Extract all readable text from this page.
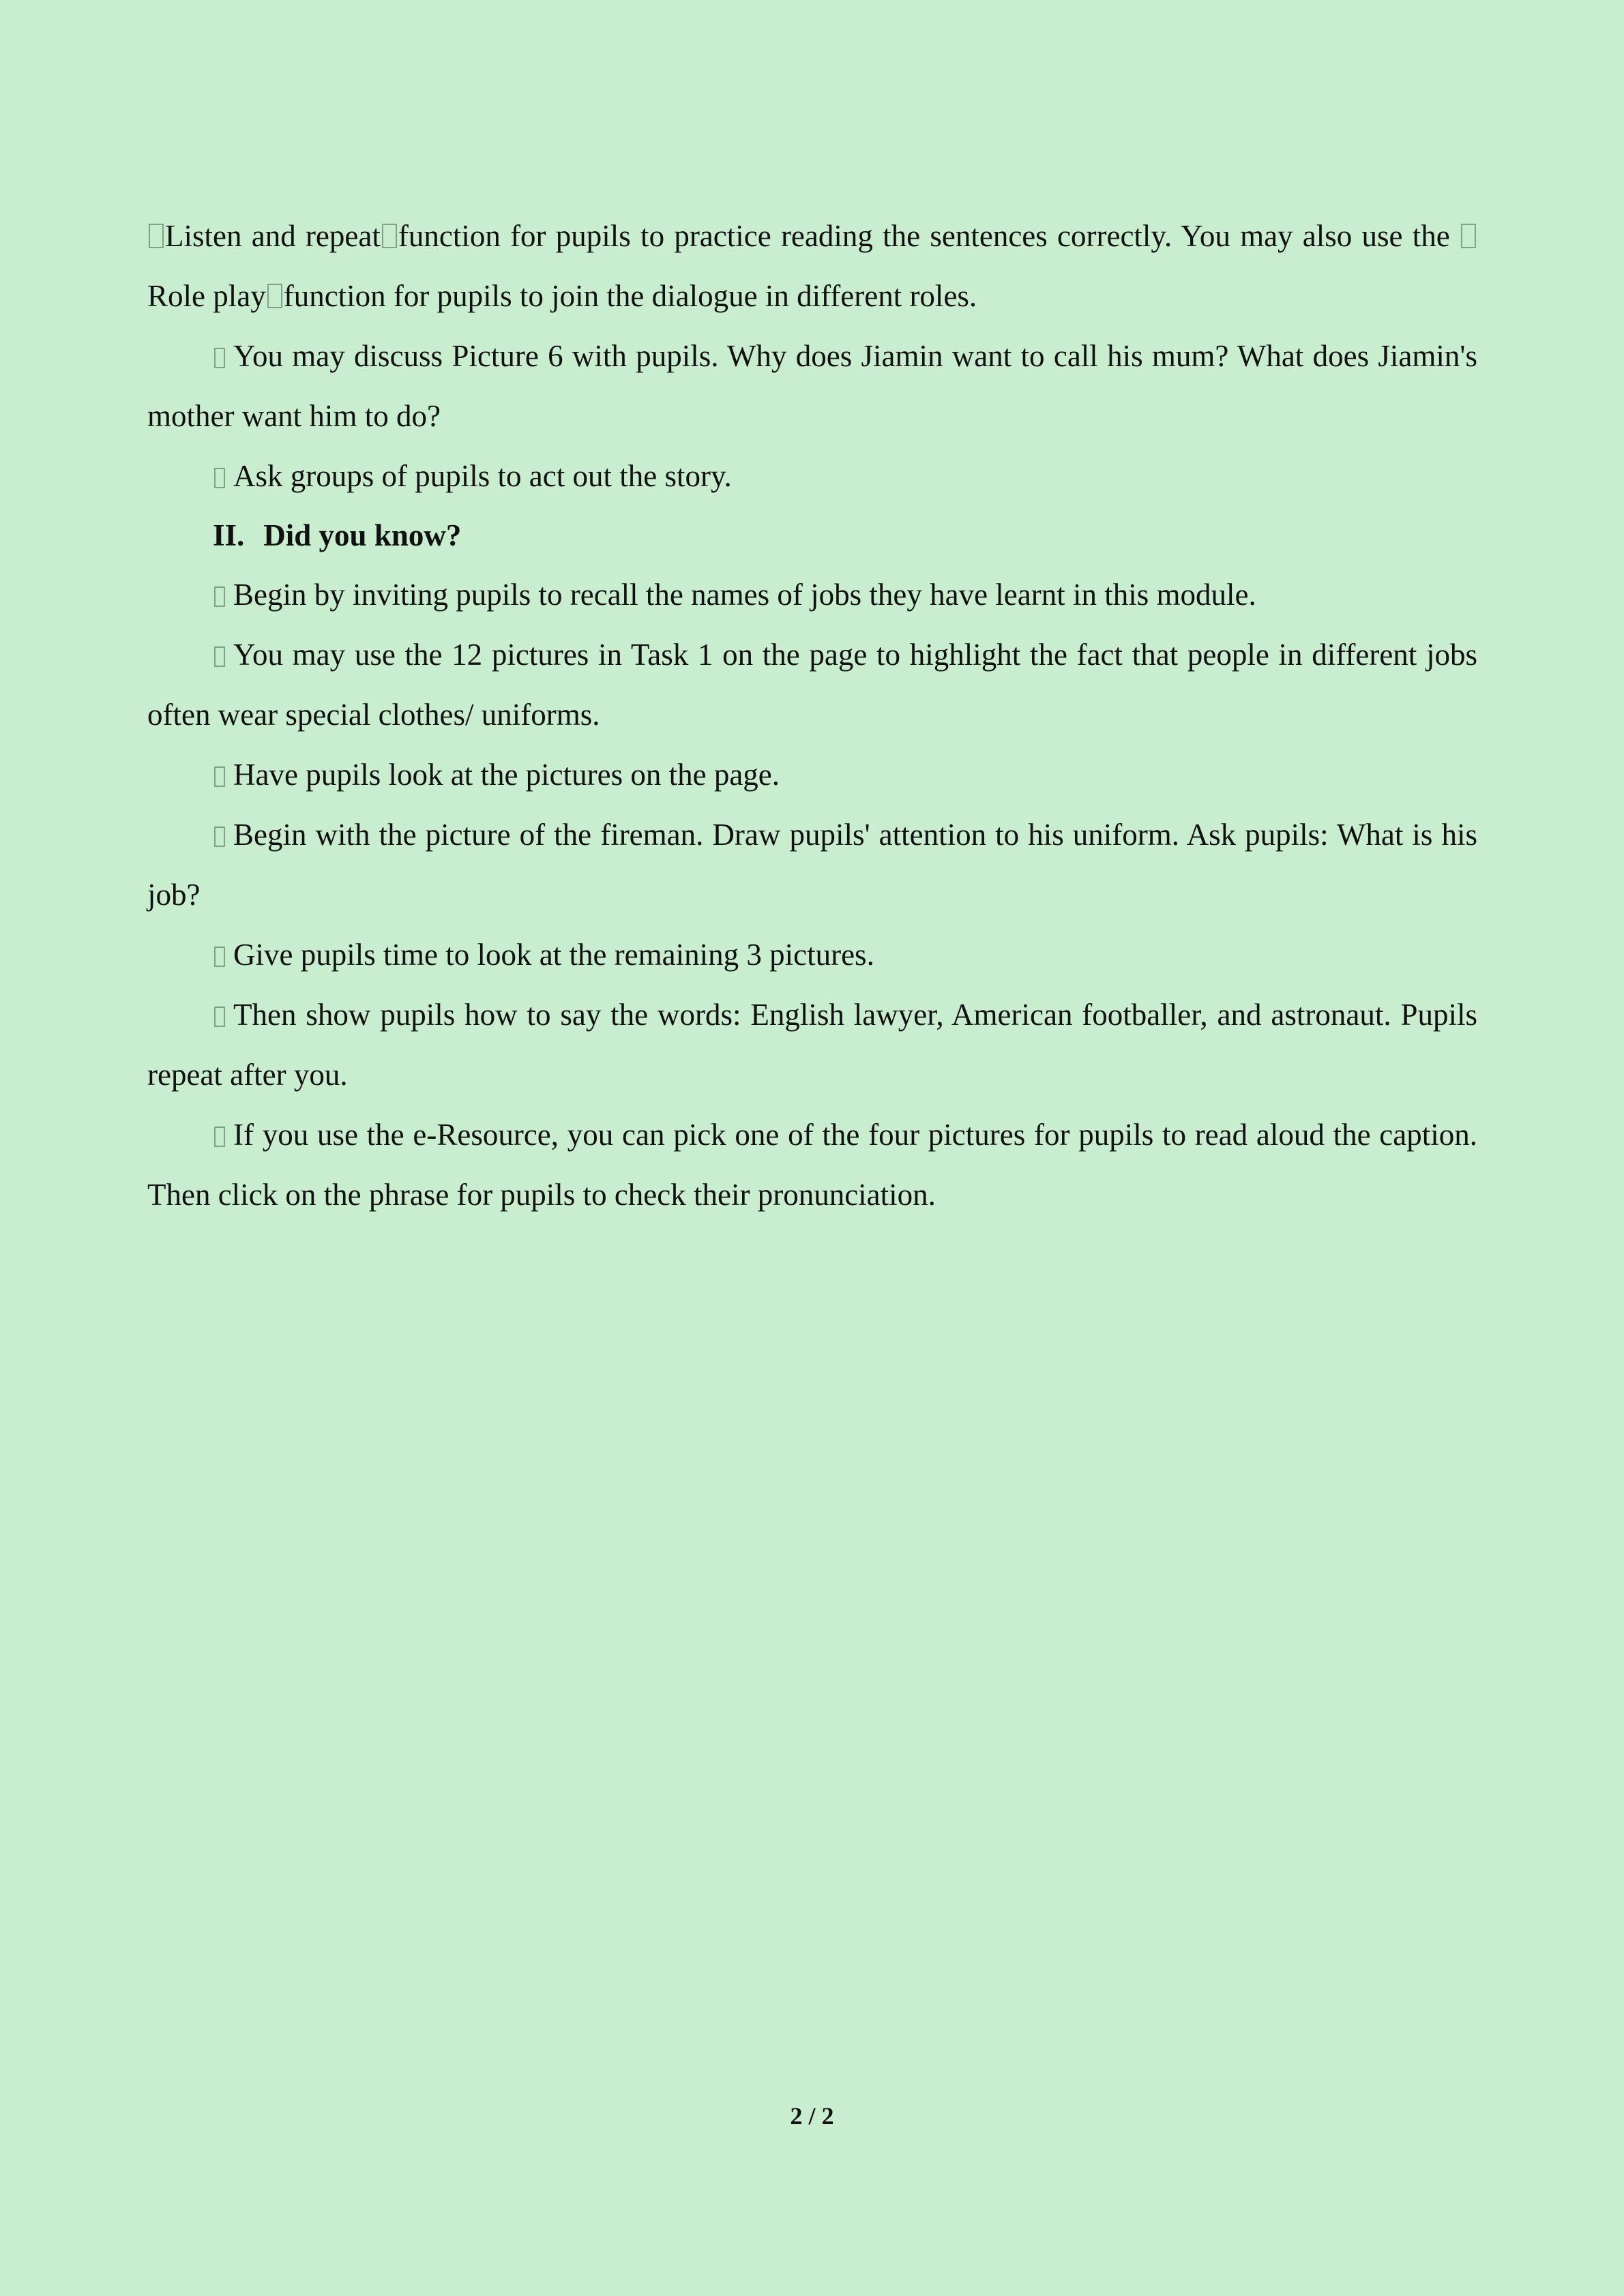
Listen and repeat function for pupils to practice reading the sentences correctly. You may also use the Role play function for pupils to join the dialogue in different roles.

You may discuss Picture 6 with pupils. Why does Jiamin want to call his mum? What does Jiamin's mother want him to do?

Ask groups of pupils to act out the story.

II. Did you know?

Begin by inviting pupils to recall the names of jobs they have learnt in this module.

You may use the 12 pictures in Task 1 on the page to highlight the fact that people in different jobs often wear special clothes/ uniforms.

Have pupils look at the pictures on the page.

Begin with the picture of the fireman. Draw pupils' attention to his uniform. Ask pupils: What is his job?

Give pupils time to look at the remaining 3 pictures.

Then show pupils how to say the words: English lawyer, American footballer, and astronaut. Pupils repeat after you.

If you use the e-Resource, you can pick one of the four pictures for pupils to read aloud the caption. Then click on the phrase for pupils to check their pronunciation.

2 / 2
